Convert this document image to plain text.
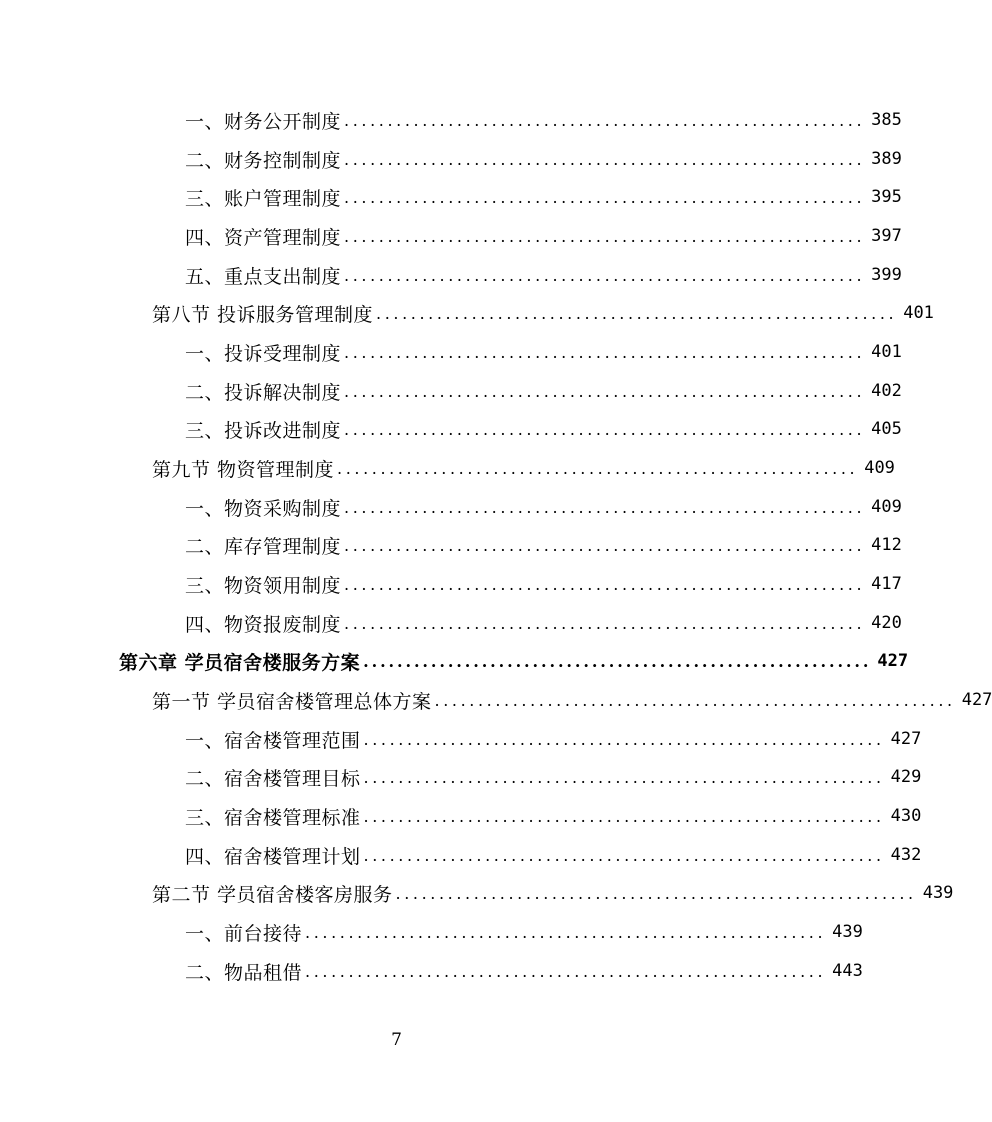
一、财务公开制度 ............................................................ 385
二、财务控制制度 ............................................................ 389
三、账户管理制度 ............................................................ 395
四、资产管理制度 ............................................................ 397
五、重点支出制度 ............................................................ 399
第八节 投诉服务管理制度 ............................................................ 401
一、投诉受理制度 ............................................................ 401
二、投诉解决制度 ............................................................ 402
三、投诉改进制度 ............................................................ 405
第九节 物资管理制度 ............................................................ 409
一、物资采购制度 ............................................................ 409
二、库存管理制度 ............................................................ 412
三、物资领用制度 ............................................................ 417
四、物资报废制度 ............................................................ 420
第六章 学员宿舍楼服务方案 ............................................................ 427
第一节 学员宿舍楼管理总体方案 ............................................................ 427
一、宿舍楼管理范围 ............................................................ 427
二、宿舍楼管理目标 ............................................................ 429
三、宿舍楼管理标准 ............................................................ 430
四、宿舍楼管理计划 ............................................................ 432
第二节 学员宿舍楼客房服务 ............................................................ 439
一、前台接待 ............................................................ 439
二、物品租借 ............................................................ 443
7
